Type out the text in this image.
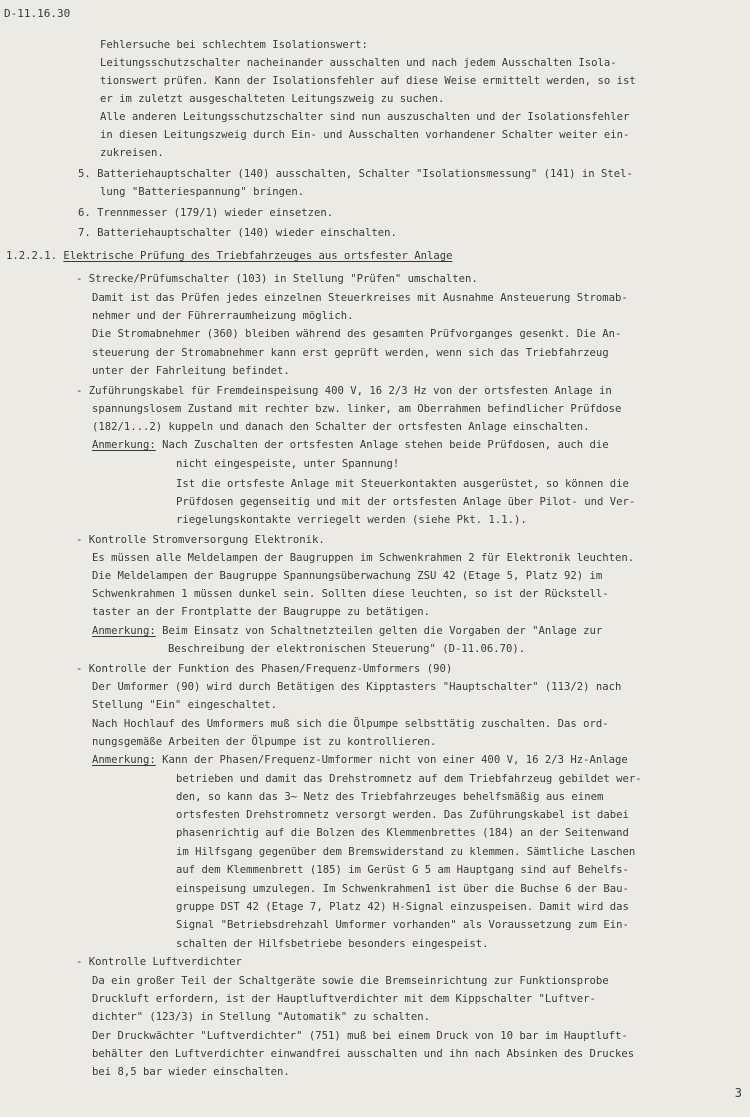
D-11.16.30
Fehlersuche bei schlechtem Isolationswert:
Leitungsschutzschalter nacheinander ausschalten und nach jedem Ausschalten Isola-
tionswert prüfen. Kann der Isolationsfehler auf diese Weise ermittelt werden, so ist
er im zuletzt ausgeschalteten Leitungszweig zu suchen.
Alle anderen Leitungsschutzschalter sind nun auszuschalten und der Isolationsfehler
in diesen Leitungszweig durch Ein- und Ausschalten vorhandener Schalter weiter ein-
zukreisen.
5. Batteriehauptschalter (140) ausschalten, Schalter "Isolationsmessung" (141) in Stel-
lung "Batteriespannung" bringen.
6. Trennmesser (179/1) wieder einsetzen.
7. Batteriehauptschalter (140) wieder einschalten.
1.2.2.1. Elektrische Prüfung des Triebfahrzeuges aus ortsfester Anlage
- Strecke/Prüfumschalter (103) in Stellung "Prüfen" umschalten.
Damit ist das Prüfen jedes einzelnen Steuerkreises mit Ausnahme Ansteuerung Stromab-
nehmer und der Führerraumheizung möglich.
Die Stromabnehmer (360) bleiben während des gesamten Prüfvorganges gesenkt. Die An-
steuerung der Stromabnehmer kann erst geprüft werden, wenn sich das Triebfahrzeug
unter der Fahrleitung befindet.
- Zuführungskabel für Fremdeinspeisung 400 V, 16 2/3 Hz von der ortsfesten Anlage in
spannungslosem Zustand mit rechter bzw. linker, am Oberrahmen befindlicher Prüfdose
(182/1...2) kuppeln und danach den Schalter der ortsfesten Anlage einschalten.
Anmerkung: Nach Zuschalten der ortsfesten Anlage stehen beide Prüfdosen, auch die
nicht eingespeiste, unter Spannung!
Ist die ortsfeste Anlage mit Steuerkontakten ausgerüstet, so können die
Prüfdosen gegenseitig und mit der ortsfesten Anlage über Pilot- und Ver-
riegelungskontakte verriegelt werden (siehe Pkt. 1.1.).
- Kontrolle Stromversorgung Elektronik.
Es müssen alle Meldelampen der Baugruppen im Schwenkrahmen 2 für Elektronik leuchten.
Die Meldelampen der Baugruppe Spannungsüberwachung ZSU 42 (Etage 5, Platz 92) im
Schwenkrahmen 1 müssen dunkel sein. Sollten diese leuchten, so ist der Rückstell-
taster an der Frontplatte der Baugruppe zu betätigen.
Anmerkung: Beim Einsatz von Schaltnetzteilen gelten die Vorgaben der "Anlage zur
Beschreibung der elektronischen Steuerung" (D-11.06.70).
- Kontrolle der Funktion des Phasen/Frequenz-Umformers (90)
Der Umformer (90) wird durch Betätigen des Kipptasters "Hauptschalter" (113/2) nach
Stellung "Ein" eingeschaltet.
Nach Hochlauf des Umformers muß sich die Ölpumpe selbsttätig zuschalten. Das ord-
nungsgemäße Arbeiten der Ölpumpe ist zu kontrollieren.
Anmerkung: Kann der Phasen/Frequenz-Umformer nicht von einer 400 V, 16 2/3 Hz-Anlage
betrieben und damit das Drehstromnetz auf dem Triebfahrzeug gebildet wer-
den, so kann das 3~ Netz des Triebfahrzeuges behelfsmäßig aus einem
ortsfesten Drehstromnetz versorgt werden. Das Zuführungskabel ist dabei
phasenrichtig auf die Bolzen des Klemmenbrettes (184) an der Seitenwand
im Hilfsgang gegenüber dem Bremswiderstand zu klemmen. Sämtliche Laschen
auf dem Klemmenbrett (185) im Gerüst G 5 am Hauptgang sind auf Behelfs-
einspeisung umzulegen. Im Schwenkrahmen1 ist über die Buchse 6 der Bau-
gruppe DST 42 (Etage 7, Platz 42) H-Signal einzuspeisen. Damit wird das
Signal "Betriebsdrehzahl Umformer vorhanden" als Voraussetzung zum Ein-
schalten der Hilfsbetriebe besonders eingespeist.
- Kontrolle Luftverdichter
Da ein großer Teil der Schaltgeräte sowie die Bremseinrichtung zur Funktionsprobe
Druckluft erfordern, ist der Hauptluftverdichter mit dem Kippschalter "Luftver-
dichter" (123/3) in Stellung "Automatik" zu schalten.
Der Druckwächter "Luftverdichter" (751) muß bei einem Druck von 10 bar im Hauptluft-
behälter den Luftverdichter einwandfrei ausschalten und ihn nach Absinken des Druckes
bei 8,5 bar wieder einschalten.
3
